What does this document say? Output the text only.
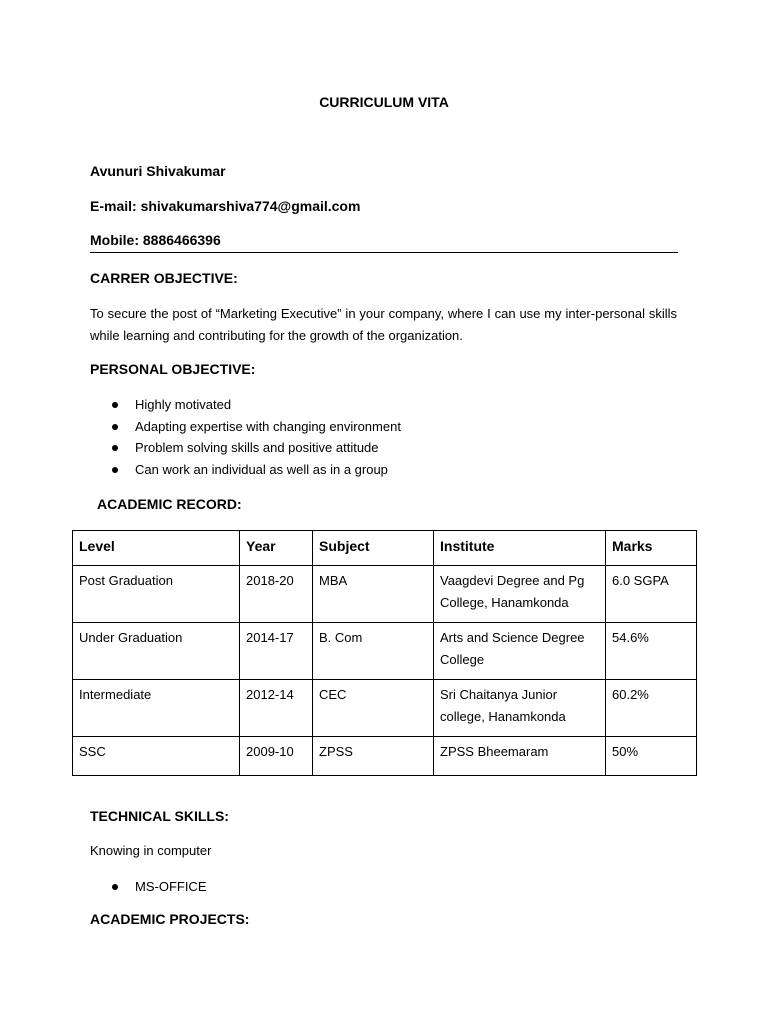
CURRICULUM VITA
Avunuri Shivakumar
E-mail: shivakumarshiva774@gmail.com
Mobile: 8886466396
CARRER OBJECTIVE:
To secure the post of “Marketing Executive” in your company, where I can use my inter-personal skills while learning and contributing for the growth of the organization.
PERSONAL OBJECTIVE:
Highly motivated
Adapting expertise with changing environment
Problem solving skills and positive attitude
Can work an individual as well as in a group
ACADEMIC RECORD:
Level	Year	Subject	Institute	Marks
Post Graduation	2018-20	MBA	Vaagdevi Degree and Pg College, Hanamkonda	6.0 SGPA
Under Graduation	2014-17	B. Com	Arts and Science Degree College	54.6%
Intermediate	2012-14	CEC	Sri Chaitanya Junior college, Hanamkonda	60.2%
SSC	2009-10	ZPSS	ZPSS Bheemaram	50%
TECHNICAL SKILLS:
Knowing in computer
MS-OFFICE
ACADEMIC PROJECTS:
